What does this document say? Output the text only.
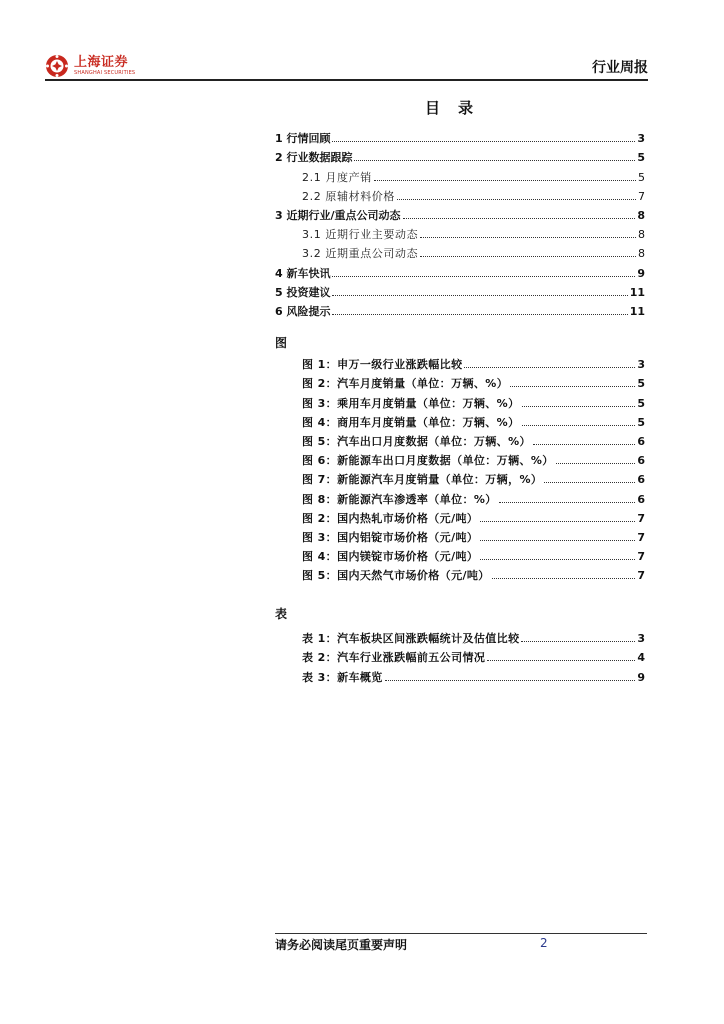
上海证券
SHANGHAI SECURITIES	行业周报
目录
1 行情回顾	3
2 行业数据跟踪	5
2.1 月度产销	5
2.2 原辅材料价格	7
3 近期行业/重点公司动态	8
3.1 近期行业主要动态	8
3.2 近期重点公司动态	8
4 新车快讯	9
5 投资建议	11
6 风险提示	11
图
图 1：申万一级行业涨跌幅比较	3
图 2：汽车月度销量（单位：万辆、%）	5
图 3：乘用车月度销量（单位：万辆、%）	5
图 4：商用车月度销量（单位：万辆、%）	5
图 5：汽车出口月度数据（单位：万辆、%）	6
图 6：新能源车出口月度数据（单位：万辆、%）	6
图 7：新能源汽车月度销量（单位：万辆，%）	6
图 8：新能源汽车渗透率（单位：%）	6
图 2：国内热轧市场价格（元/吨）	7
图 3：国内铝锭市场价格（元/吨）	7
图 4：国内镁锭市场价格（元/吨）	7
图 5：国内天然气市场价格（元/吨）	7
表
表 1：汽车板块区间涨跌幅统计及估值比较	3
表 2：汽车行业涨跌幅前五公司情况	4
表 3：新车概览	9
请务必阅读尾页重要声明	2
